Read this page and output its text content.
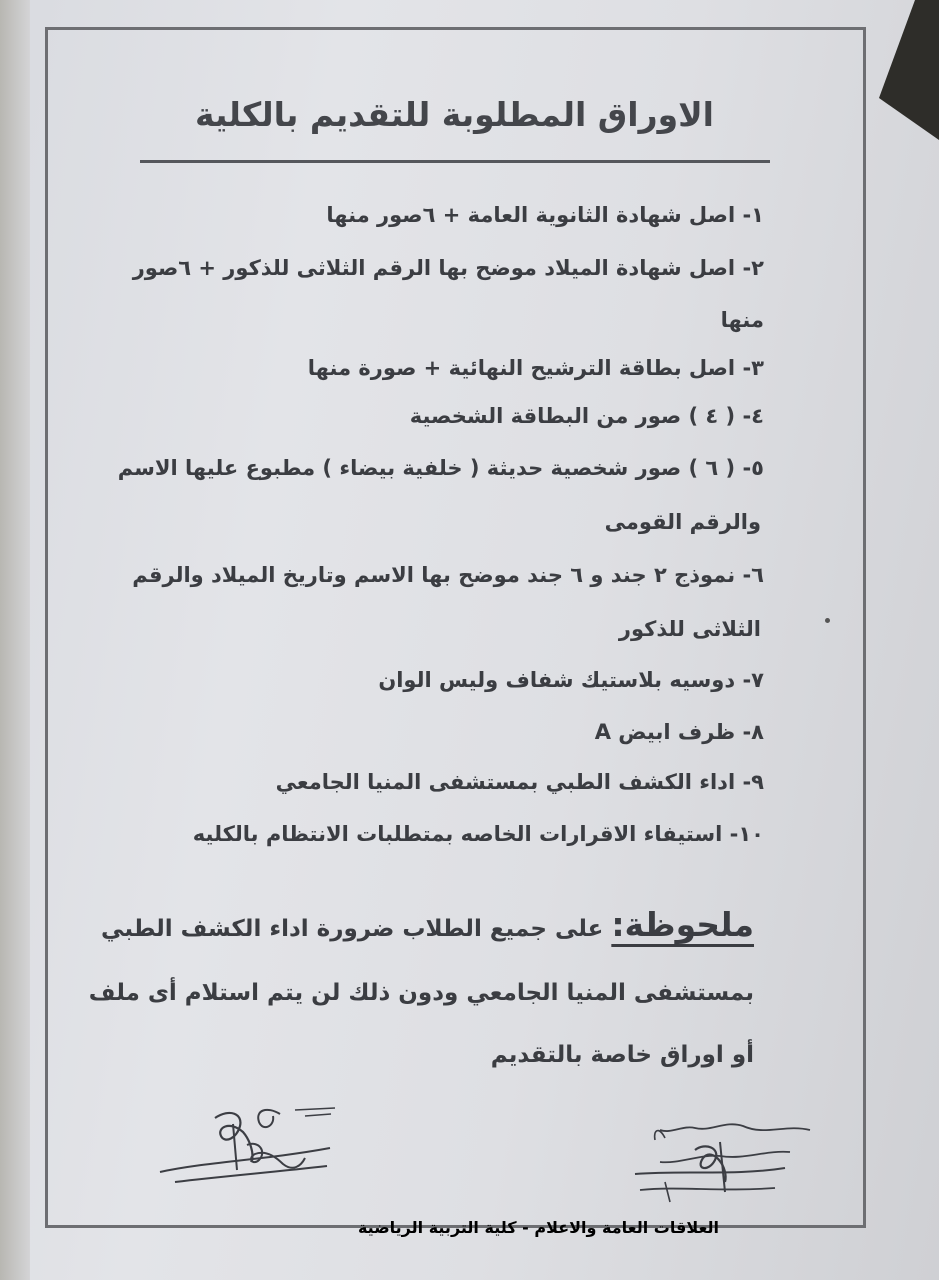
الاوراق المطلوبة للتقديم بالكلية
١- اصل شهادة الثانوية العامة + ٦صور منها
٢- اصل شهادة الميلاد موضح بها الرقم الثلاثى للذكور + ٦صور
منها
٣- اصل بطاقة الترشيح النهائية + صورة منها
٤- ( ٤ ) صور من البطاقة الشخصية
٥- ( ٦ ) صور شخصية حديثة ( خلفية بيضاء ) مطبوع عليها الاسم
والرقم القومى
٦- نموذج ٢ جند و ٦ جند موضح بها الاسم وتاريخ الميلاد والرقم
الثلاثى للذكور
٧- دوسيه بلاستيك شفاف وليس الوان
٨- ظرف ابيض A
٩- اداء الكشف الطبي بمستشفى المنيا الجامعي
١٠- استيفاء الاقرارات الخاصه بمتطلبات الانتظام بالكليه
ملحوظة: على جميع الطلاب ضرورة اداء الكشف الطبي
بمستشفى المنيا الجامعي ودون ذلك لن يتم استلام أى ملف
أو اوراق خاصة بالتقديم
العلاقات العامة والاعلام - كلية التربية الرياضية
